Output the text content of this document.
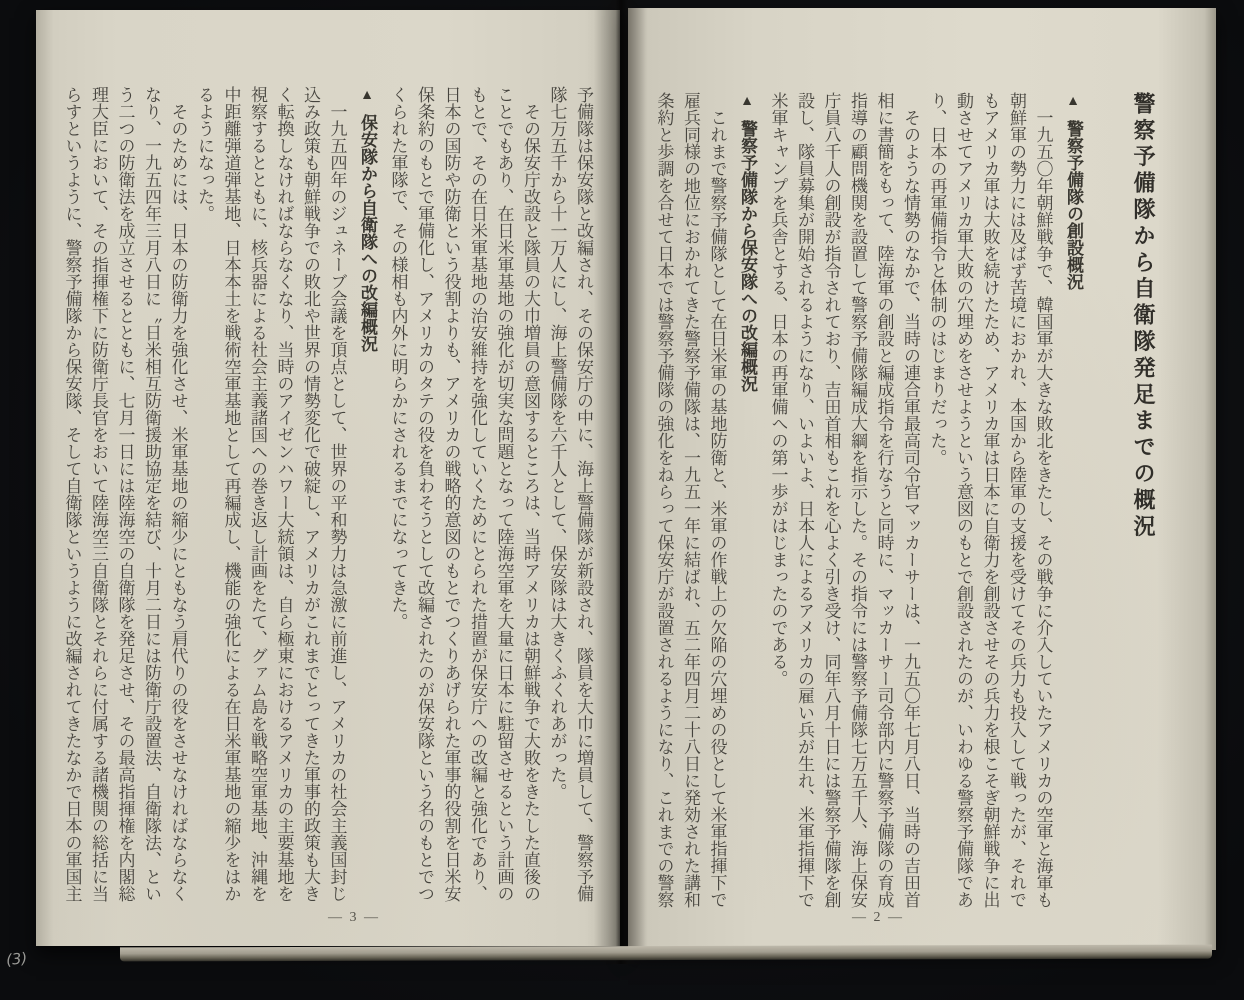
予備隊は保安隊と改編され、その保安庁の中に、海上警備隊が新設され、隊員を大巾に増員して、警察予備隊七万五千から十一万人にし、海上警備隊を六千人として、保安隊は大きくふくれあがった。

その保安庁改設と隊員の大巾増員の意図するところは、当時アメリカは朝鮮戦争で大敗をきたした直後のことでもあり、在日米軍基地の強化が切実な問題となって陸海空軍を大量に日本に駐留させるという計画のもとで、その在日米軍基地の治安維持を強化していくためにとられた措置が保安庁への改編と強化であり、日本の国防や防衛という役割よりも、アメリカの戦略的意図のもとでつくりあげられた軍事的役割を日米安保条約のもとで軍備化し、アメリカのタテの役を負わそうとして改編されたのが保安隊という名のもとでつくられた軍隊で、その様相も内外に明らかにされるまでになってきた。

▲保安隊から自衛隊への改編概況

一九五四年のジュネーブ会議を頂点として、世界の平和勢力は急激に前進し、アメリカの社会主義国封じ込み政策も朝鮮戦争での敗北や世界の情勢変化で破綻し、アメリカがこれまでとってきた軍事的政策も大きく転換しなければならなくなり、当時のアイゼンハワー大統領は、自ら極東におけるアメリカの主要基地を視察するとともに、核兵器による社会主義諸国への巻き返し計画をたて、グァム島を戦略空軍基地、沖縄を中距離弾道弾基地、日本本土を戦術空軍基地として再編成し、機能の強化による在日米軍基地の縮少をはかるようになった。

そのためには、日本の防衛力を強化させ、米軍基地の縮少にともなう肩代りの役をさせなければならなくなり、一九五四年三月八日に〝日米相互防衛援助協定を結び、十月二日には防衛庁設置法、自衛隊法、という二つの防衛法を成立させるとともに、七月一日には陸海空の自衛隊を発足させ、その最高指揮権を内閣総理大臣において、その指揮権下に防衛庁長官をおいて陸海空三自衛隊とそれらに付属する諸機関の総括に当らすというように、警察予備隊から保安隊、そして自衛隊というように改編されてきたなかで日本の軍国主

— 3 —
警察予備隊から自衛隊発足までの概況
▲警察予備隊の創設概況

一九五〇年朝鮮戦争で、韓国軍が大きな敗北をきたし、その戦争に介入していたアメリカの空軍と海軍も朝鮮軍の勢力には及ばず苦境におかれ、本国から陸軍の支援を受けてその兵力も投入して戦ったが、それでもアメリカ軍は大敗を続けたため、アメリカ軍は日本に自衛力を創設させその兵力を根こそぎ朝鮮戦争に出動させてアメリカ軍大敗の穴埋めをさせようという意図のもとで創設されたのが、いわゆる警察予備隊であり、日本の再軍備指令と体制のはじまりだった。

そのような情勢のなかで、当時の連合軍最高司令官マッカーサーは、一九五〇年七月八日、当時の吉田首相に書簡をもって、陸海軍の創設と編成指令を行なうと同時に、マッカーサー司令部内に警察予備隊の育成指導の顧問機関を設置して警察予備隊編成大綱を指示した。その指令には警察予備隊七万五千人、海上保安庁員八千人の創設が指令されており、吉田首相もこれを心よく引き受け、同年八月十日には警察予備隊を創設し、隊員募集が開始されるようになり、いよいよ、日本人によるアメリカの雇い兵が生れ、米軍指揮下で米軍キャンプを兵舎とする、日本の再軍備への第一歩がはじまったのである。

▲警察予備隊から保安隊への改編概況

これまで警察予備隊として在日米軍の基地防衛と、米軍の作戦上の欠陥の穴埋めの役として米軍指揮下で雇兵同様の地位におかれてきた警察予備隊は、一九五一年に結ばれ、五二年四月二十八日に発効された講和条約と歩調を合せて日本では警察予備隊の強化をねらって保安庁が設置されるようになり、これまでの警察

— 2 —
(3)
